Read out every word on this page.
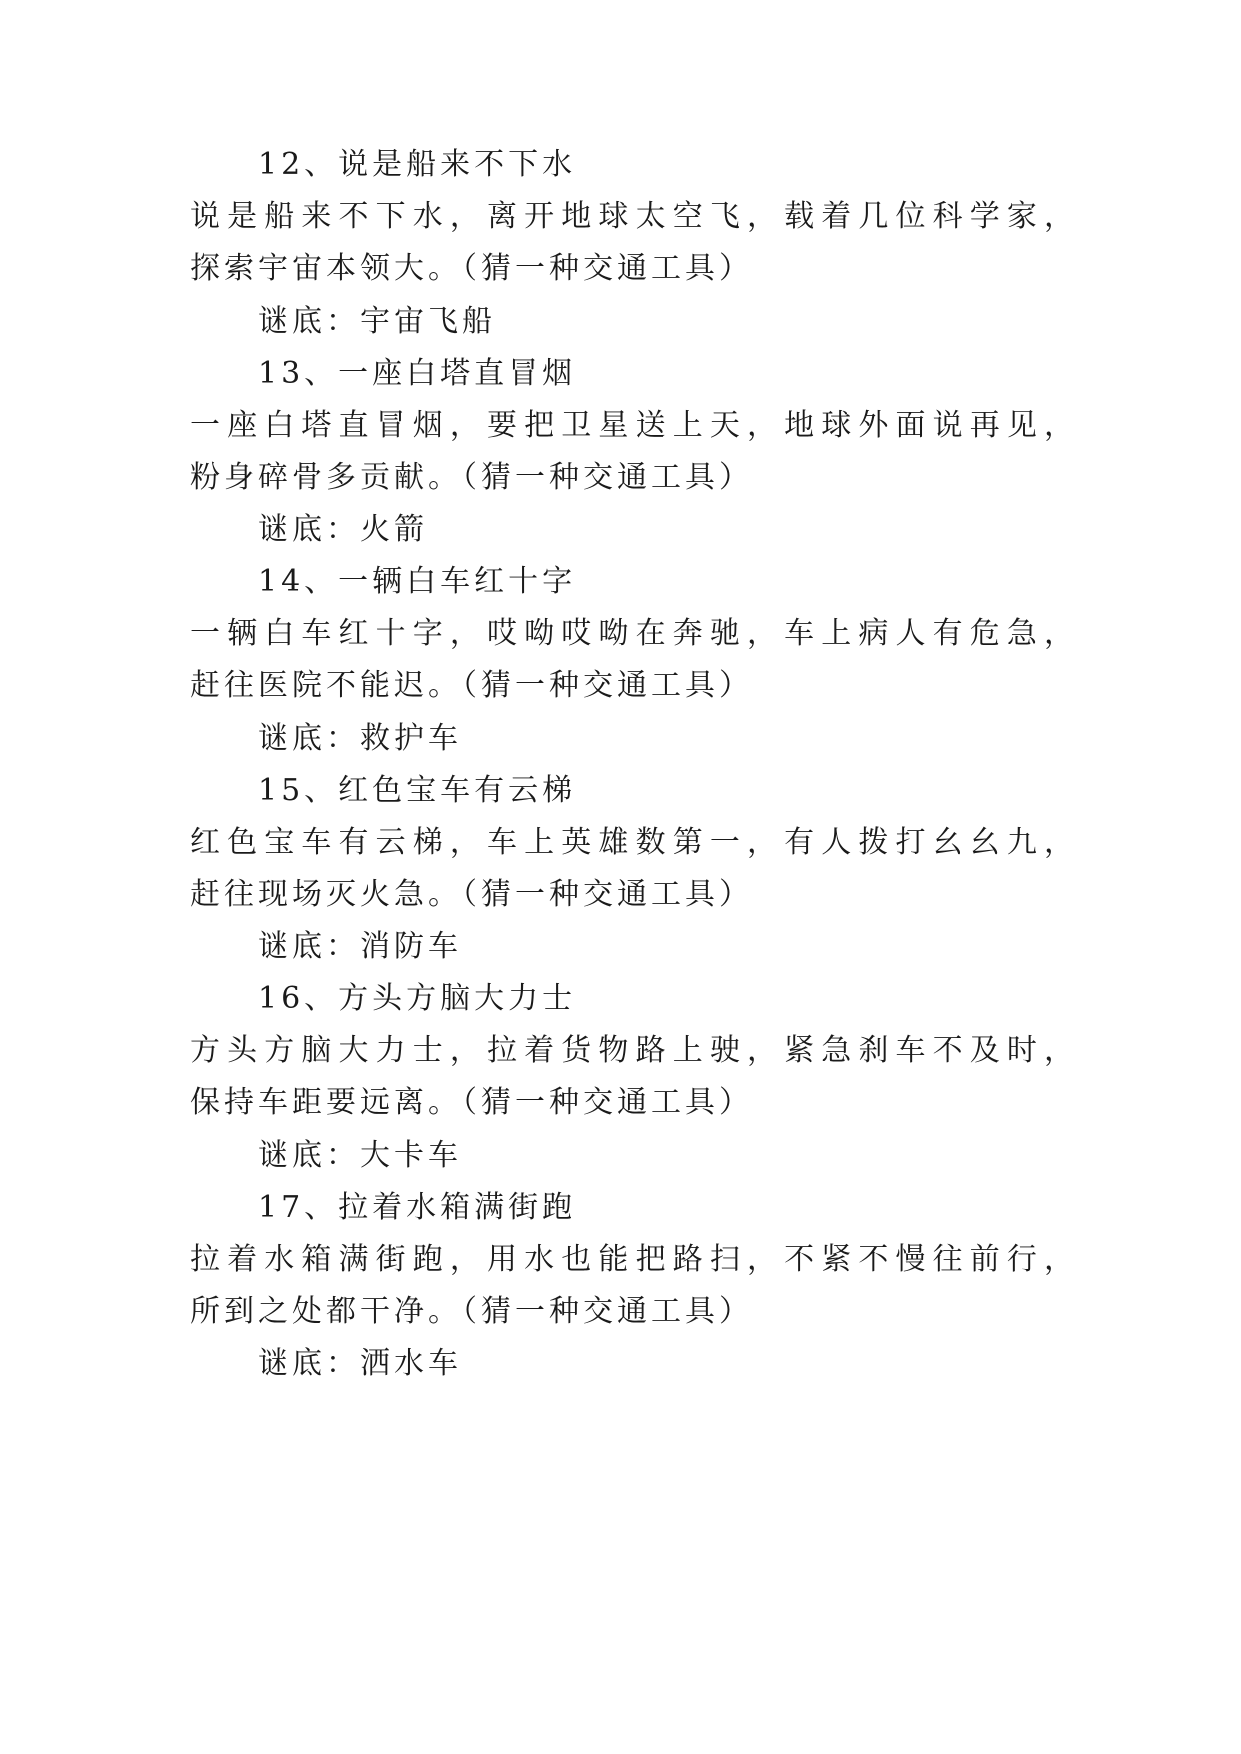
12、说是船来不下水
说是船来不下水，离开地球太空飞，载着几位科学家，
探索宇宙本领大。（猜一种交通工具）
谜底：宇宙飞船
13、一座白塔直冒烟
一座白塔直冒烟，要把卫星送上天，地球外面说再见，
粉身碎骨多贡献。（猜一种交通工具）
谜底：火箭
14、一辆白车红十字
一辆白车红十字，哎呦哎呦在奔驰，车上病人有危急，
赶往医院不能迟。（猜一种交通工具）
谜底：救护车
15、红色宝车有云梯
红色宝车有云梯，车上英雄数第一，有人拨打幺幺九，
赶往现场灭火急。（猜一种交通工具）
谜底：消防车
16、方头方脑大力士
方头方脑大力士，拉着货物路上驶，紧急刹车不及时，
保持车距要远离。（猜一种交通工具）
谜底：大卡车
17、拉着水箱满街跑
拉着水箱满街跑，用水也能把路扫，不紧不慢往前行，
所到之处都干净。（猜一种交通工具）
谜底：洒水车
